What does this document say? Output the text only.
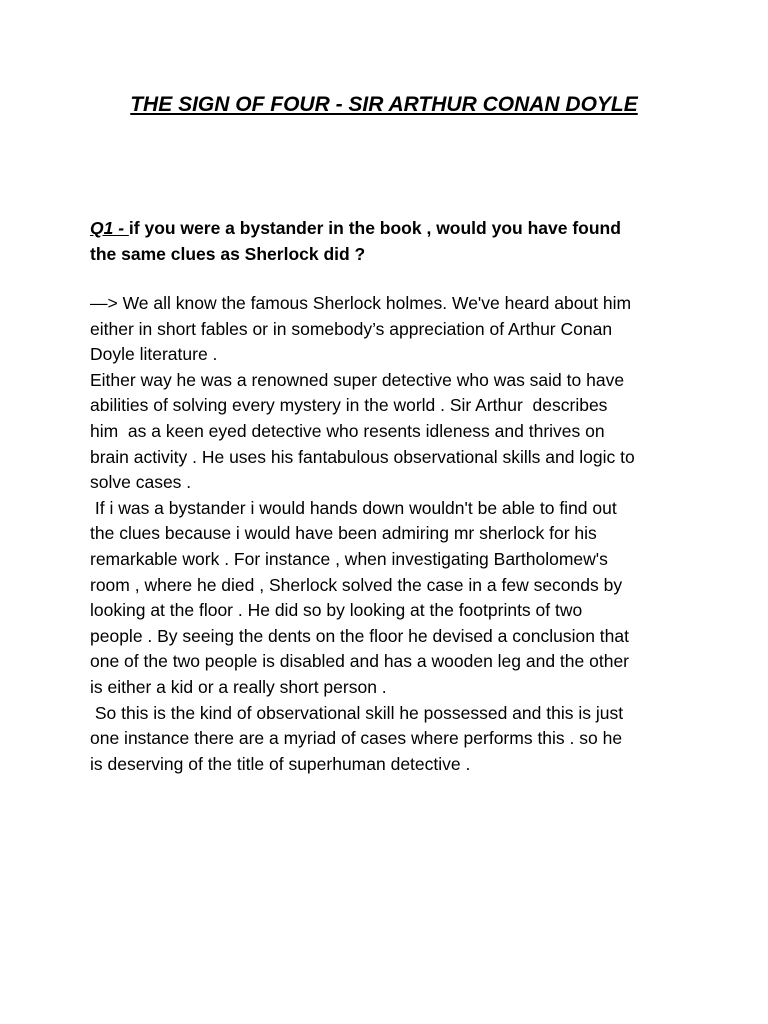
THE SIGN OF FOUR - SIR ARTHUR CONAN DOYLE

Q1 - if you were a bystander in the book , would you have found
the same clues as Sherlock did ?

—> We all know the famous Sherlock holmes. We've heard about him
either in short fables or in somebody’s appreciation of Arthur Conan
Doyle literature .
Either way he was a renowned super detective who was said to have
abilities of solving every mystery in the world . Sir Arthur  describes
him  as a keen eyed detective who resents idleness and thrives on
brain activity . He uses his fantabulous observational skills and logic to
solve cases .
If i was a bystander i would hands down wouldn't be able to find out
the clues because i would have been admiring mr sherlock for his
remarkable work . For instance , when investigating Bartholomew's
room , where he died , Sherlock solved the case in a few seconds by
looking at the floor . He did so by looking at the footprints of two
people . By seeing the dents on the floor he devised a conclusion that
one of the two people is disabled and has a wooden leg and the other
is either a kid or a really short person .
So this is the kind of observational skill he possessed and this is just
one instance there are a myriad of cases where performs this . so he
is deserving of the title of superhuman detective .
